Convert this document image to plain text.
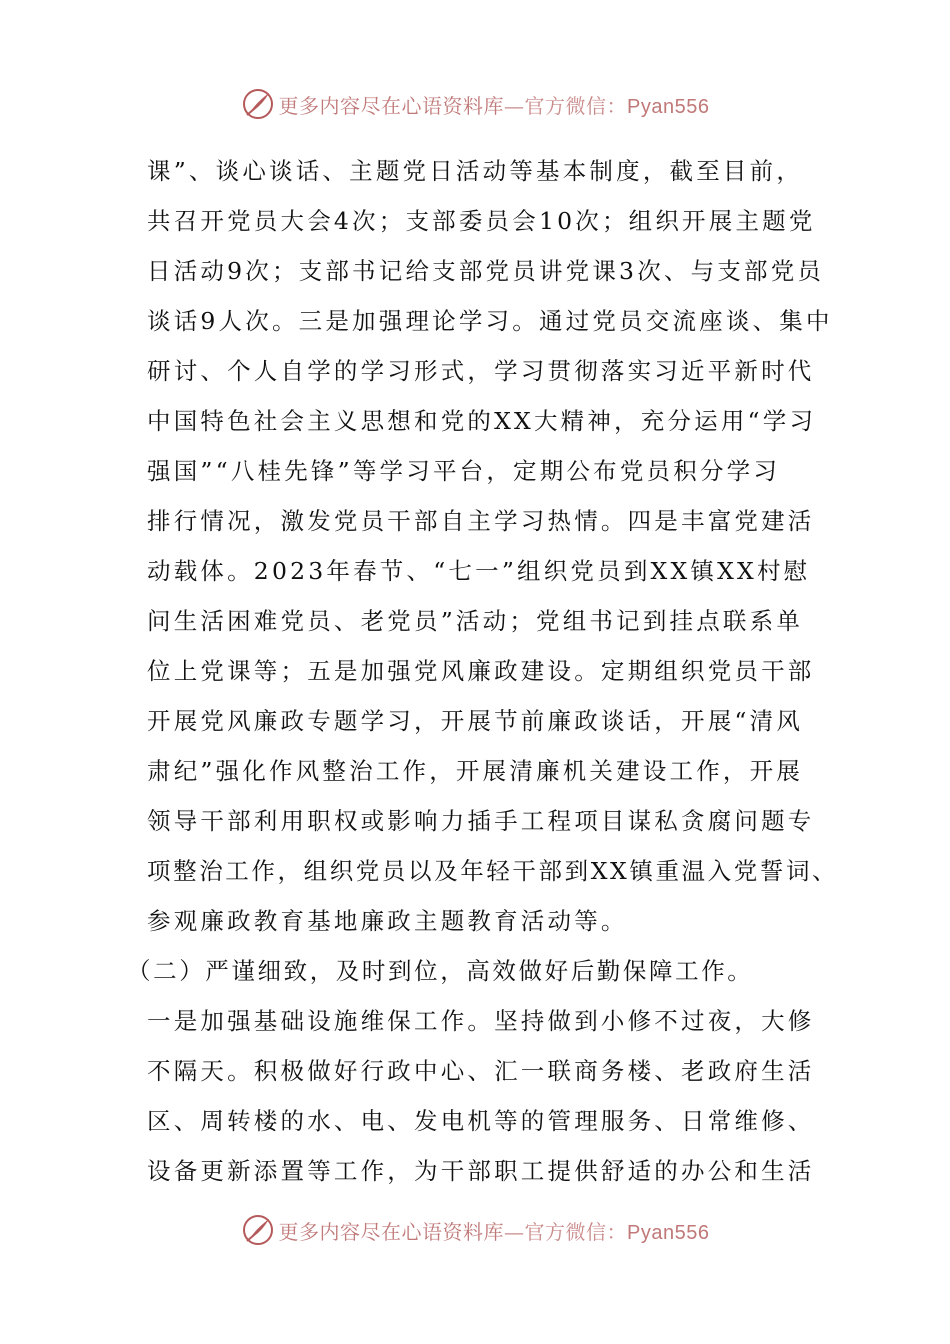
更多内容尽在心语资料库—官方微信：Pyan556
课”、谈心谈话、主题党日活动等基本制度，截至目前，
共召开党员大会4次；支部委员会10次；组织开展主题党
日活动9次；支部书记给支部党员讲党课3次、与支部党员
谈话9人次。三是加强理论学习。通过党员交流座谈、集中
研讨、个人自学的学习形式，学习贯彻落实习近平新时代
中国特色社会主义思想和党的XX大精神，充分运用“学习
强国”“八桂先锋”等学习平台，定期公布党员积分学习
排行情况，激发党员干部自主学习热情。四是丰富党建活
动载体。2023年春节、“七一”组织党员到XX镇XX村慰
问生活困难党员、老党员”活动；党组书记到挂点联系单
位上党课等；五是加强党风廉政建设。定期组织党员干部
开展党风廉政专题学习，开展节前廉政谈话，开展“清风
肃纪”强化作风整治工作，开展清廉机关建设工作，开展
领导干部利用职权或影响力插手工程项目谋私贪腐问题专
项整治工作，组织党员以及年轻干部到XX镇重温入党誓词、
参观廉政教育基地廉政主题教育活动等。
（二）严谨细致，及时到位，高效做好后勤保障工作。
一是加强基础设施维保工作。坚持做到小修不过夜，大修
不隔天。积极做好行政中心、汇一联商务楼、老政府生活
区、周转楼的水、电、发电机等的管理服务、日常维修、
设备更新添置等工作，为干部职工提供舒适的办公和生活
更多内容尽在心语资料库—官方微信：Pyan556
